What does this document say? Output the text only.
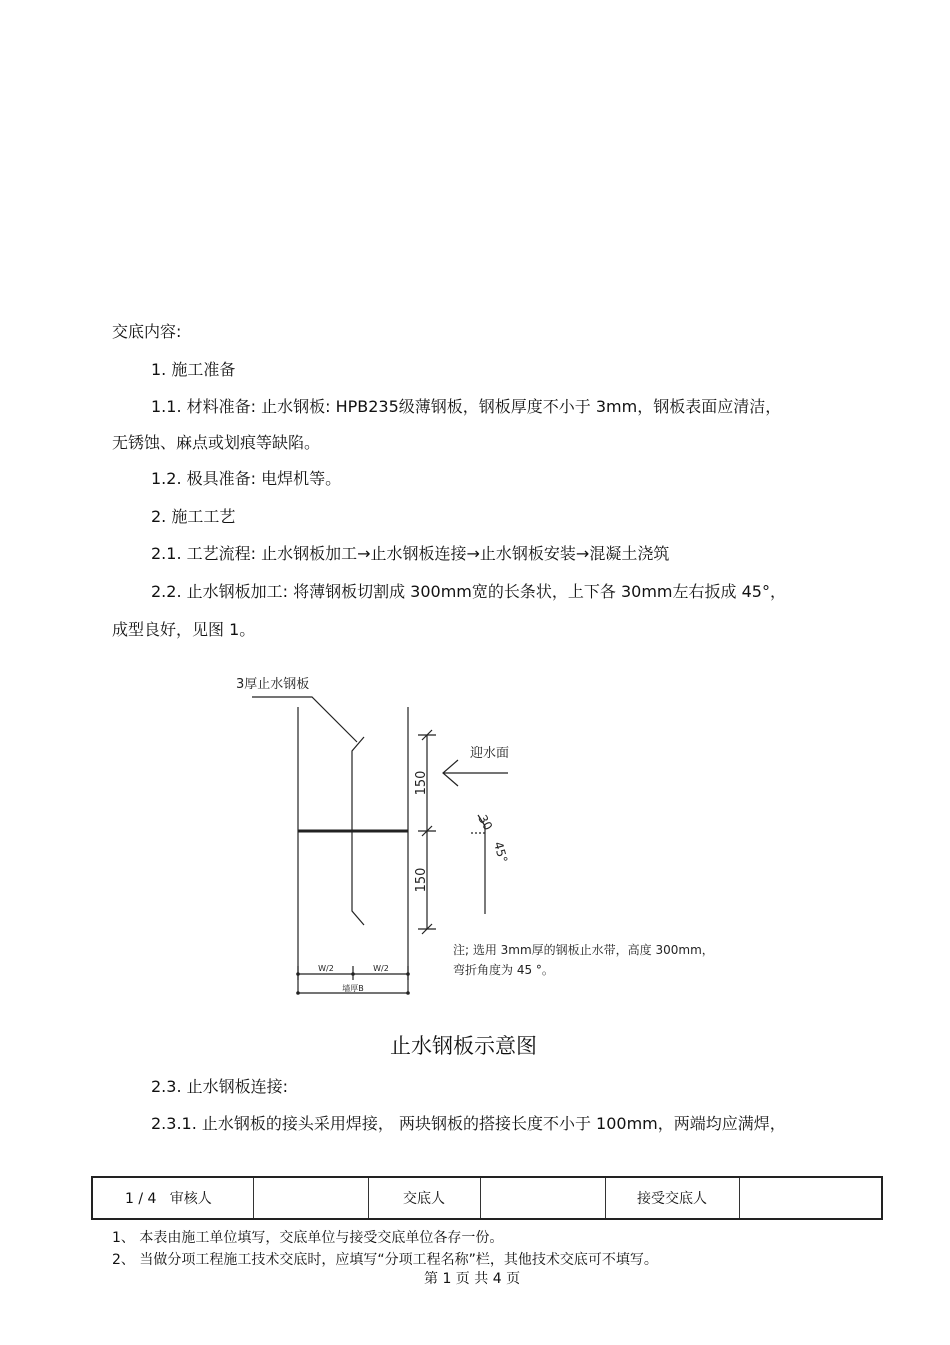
交底内容:
1. 施工准备
1.1. 材料准备: 止水钢板: HPB235级薄钢板，钢板厚度不小于 3mm，钢板表面应清洁，
无锈蚀、麻点或划痕等缺陷。
1.2. 极具准备: 电焊机等。
2. 施工工艺
2.1. 工艺流程: 止水钢板加工→止水钢板连接→止水钢板安装→混凝土浇筑
2.2. 止水钢板加工: 将薄钢板切割成 300mm宽的长条状，上下各 30mm左右扳成 45°，
成型良好，见图 1。
3厚止水钢板
迎水面
150
150
30
45°
W/2	W/2
墙厚B
注; 选用 3mm厚的钢板止水带，高度 300mm，
弯折角度为 45 °。
止水钢板示意图
2.3. 止水钢板连接:
2.3.1. 止水钢板的接头采用焊接， 两块钢板的搭接长度不小于 100mm，两端均应满焊，
1 / 4 审核人		交底人		接受交底人	
1、 本表由施工单位填写，交底单位与接受交底单位各存一份。
2、 当做分项工程施工技术交底时，应填写“分项工程名称”栏，其他技术交底可不填写。
第 1 页 共 4 页
